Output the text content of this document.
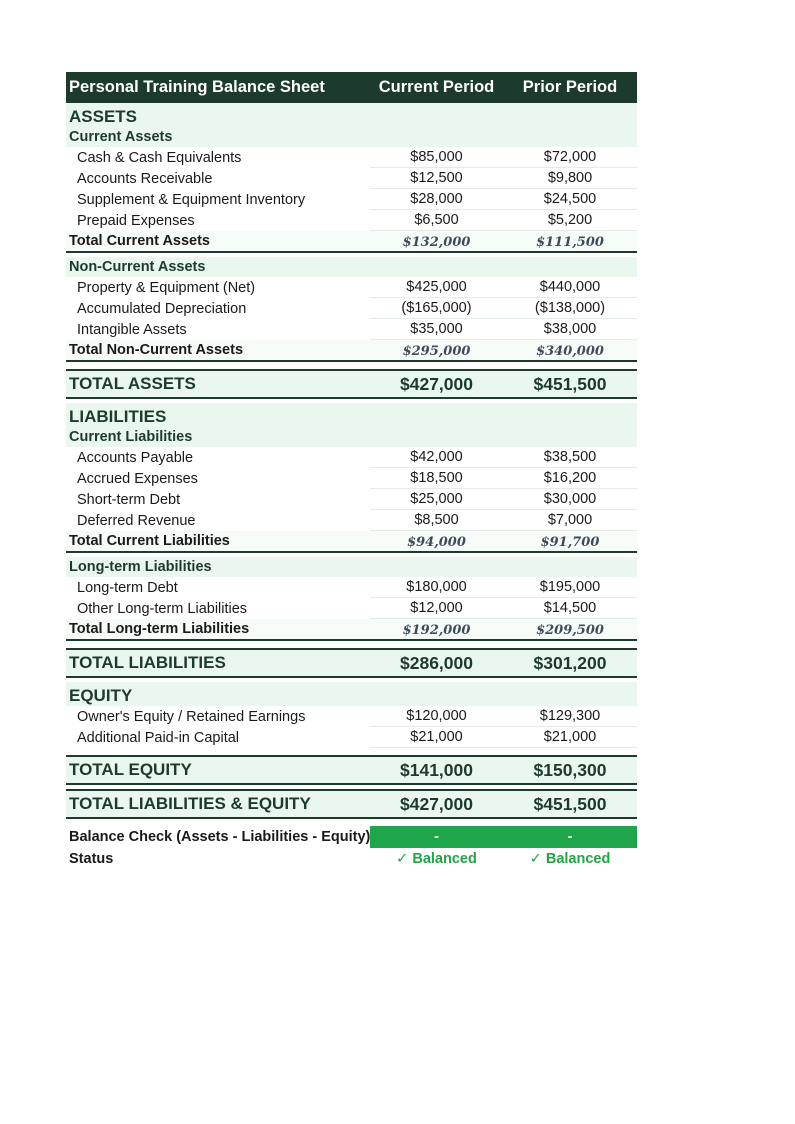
Personal Training Balance Sheet	Current Period	Prior Period
ASSETS
Current Assets
Cash & Cash Equivalents	$85,000	$72,000
Accounts Receivable	$12,500	$9,800
Supplement & Equipment Inventory	$28,000	$24,500
Prepaid Expenses	$6,500	$5,200
Total Current Assets	$132,000	$111,500
Non-Current Assets
Property & Equipment (Net)	$425,000	$440,000
Accumulated Depreciation	($165,000)	($138,000)
Intangible Assets	$35,000	$38,000
Total Non-Current Assets	$295,000	$340,000
TOTAL ASSETS	$427,000	$451,500
LIABILITIES
Current Liabilities
Accounts Payable	$42,000	$38,500
Accrued Expenses	$18,500	$16,200
Short-term Debt	$25,000	$30,000
Deferred Revenue	$8,500	$7,000
Total Current Liabilities	$94,000	$91,700
Long-term Liabilities
Long-term Debt	$180,000	$195,000
Other Long-term Liabilities	$12,000	$14,500
Total Long-term Liabilities	$192,000	$209,500
TOTAL LIABILITIES	$286,000	$301,200
EQUITY
Owner's Equity / Retained Earnings	$120,000	$129,300
Additional Paid-in Capital	$21,000	$21,000
TOTAL EQUITY	$141,000	$150,300
TOTAL LIABILITIES & EQUITY	$427,000	$451,500
Balance Check (Assets - Liabilities - Equity)	-	-
Status	✓ Balanced	✓ Balanced
